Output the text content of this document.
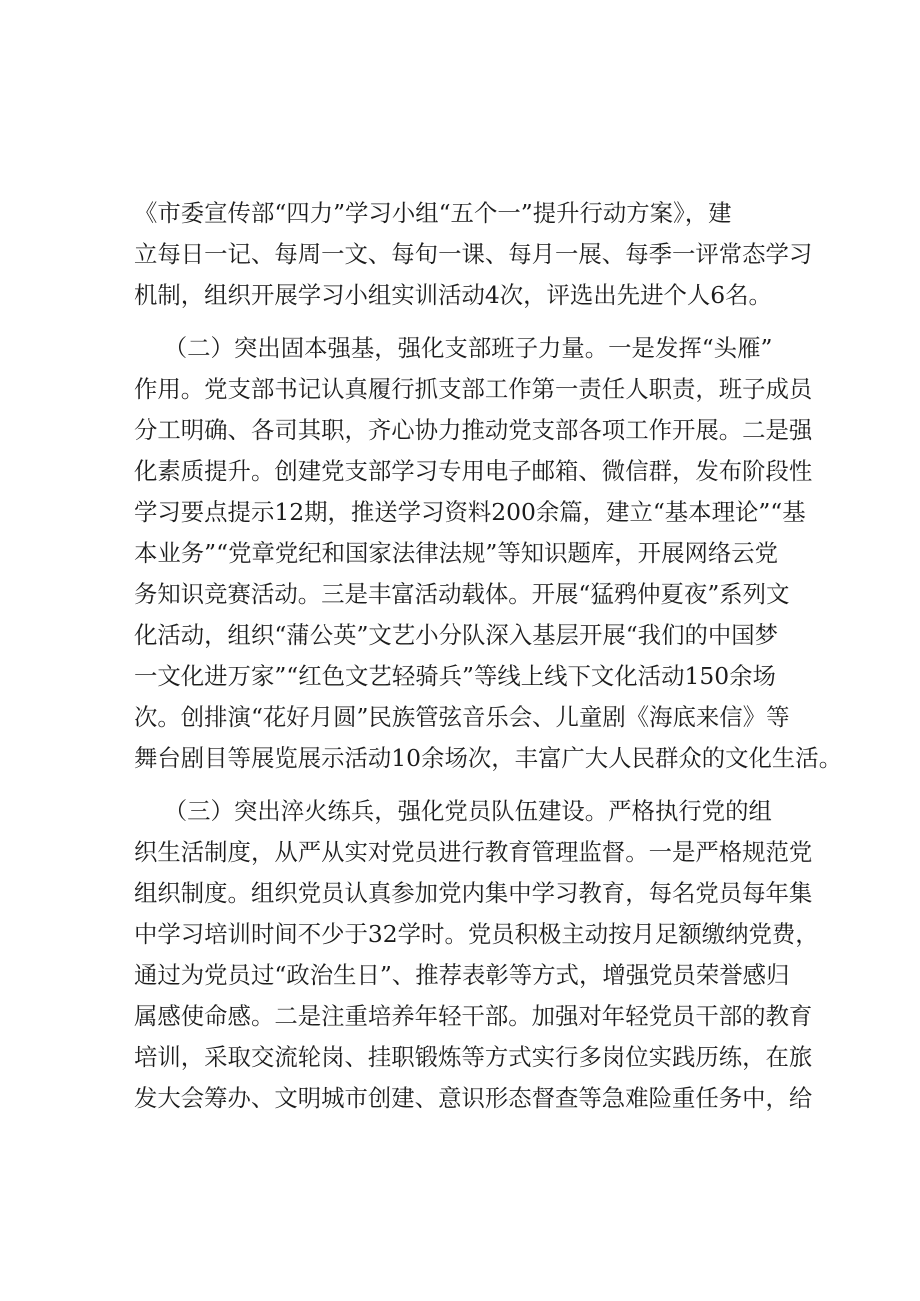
《市委宣传部“四力”学习小组“五个一”提升行动方案》，建
立每日一记、每周一文、每旬一课、每月一展、每季一评常态学习
机制，组织开展学习小组实训活动4次，评选出先进个人6名。
（二）突出固本强基，强化支部班子力量。一是发挥“头雁”
作用。党支部书记认真履行抓支部工作第一责任人职责，班子成员
分工明确、各司其职，齐心协力推动党支部各项工作开展。二是强
化素质提升。创建党支部学习专用电子邮箱、微信群，发布阶段性
学习要点提示12期，推送学习资料200余篇，建立“基本理论”“基
本业务”“党章党纪和国家法律法规”等知识题库，开展网络云党
务知识竞赛活动。三是丰富活动载体。开展“猛鸦仲夏夜”系列文
化活动，组织“蒲公英”文艺小分队深入基层开展“我们的中国梦
一文化进万家”“红色文艺轻骑兵”等线上线下文化活动150余场
次。创排演“花好月圆”民族管弦音乐会、儿童剧《海底来信》等
舞台剧目等展览展示活动10余场次，丰富广大人民群众的文化生活。
（三）突出淬火练兵，强化党员队伍建设。严格执行党的组
织生活制度，从严从实对党员进行教育管理监督。一是严格规范党
组织制度。组织党员认真参加党内集中学习教育，每名党员每年集
中学习培训时间不少于32学时。党员积极主动按月足额缴纳党费，
通过为党员过“政治生日”、推荐表彰等方式，增强党员荣誉感归
属感使命感。二是注重培养年轻干部。加强对年轻党员干部的教育
培训，采取交流轮岗、挂职锻炼等方式实行多岗位实践历练，在旅
发大会筹办、文明城市创建、意识形态督查等急难险重任务中，给
